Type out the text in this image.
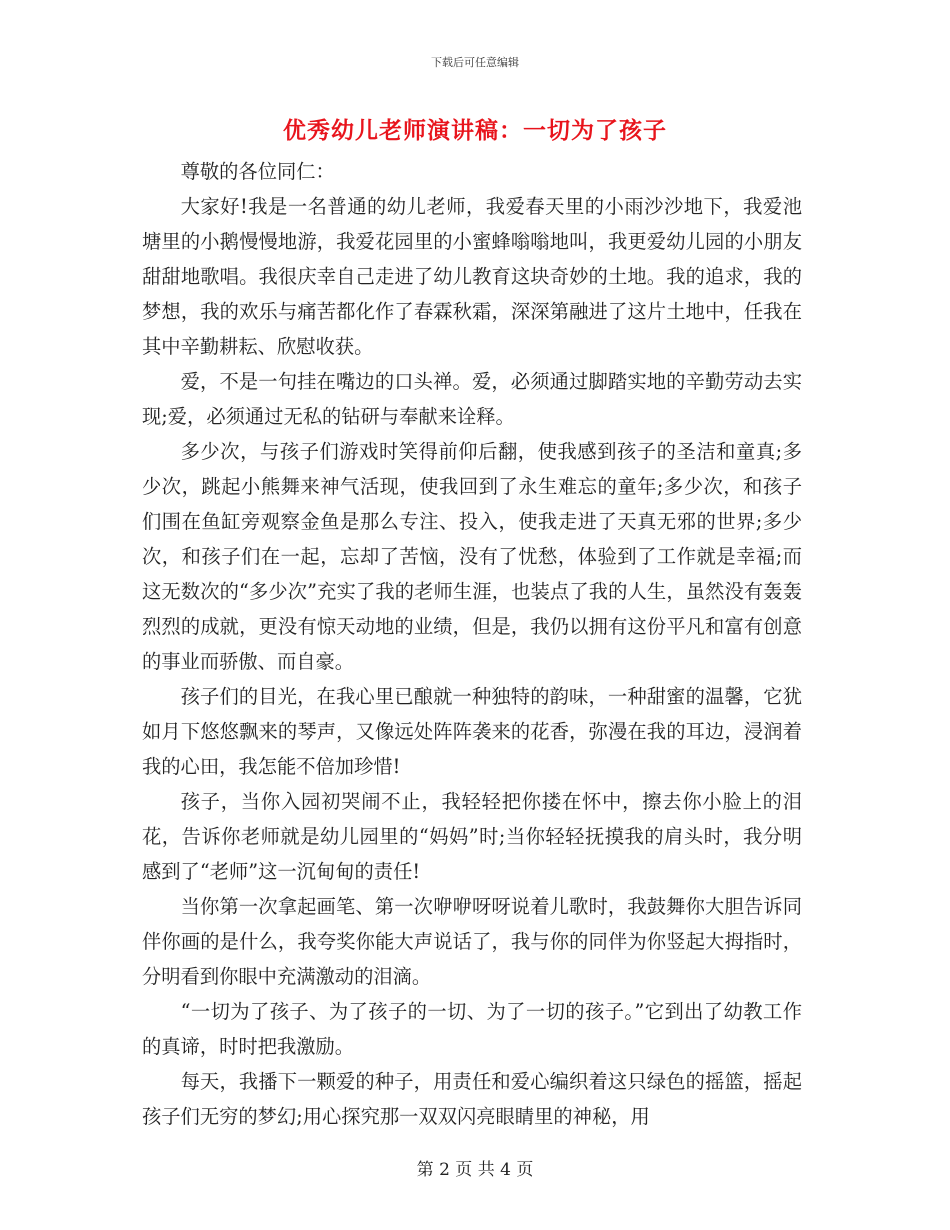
下载后可任意编辑
优秀幼儿老师演讲稿：一切为了孩子

尊敬的各位同仁：

大家好!我是一名普通的幼儿老师，我爱春天里的小雨沙沙地下，我爱池塘里的小鹅慢慢地游，我爱花园里的小蜜蜂嗡嗡地叫，我更爱幼儿园的小朋友甜甜地歌唱。我很庆幸自己走进了幼儿教育这块奇妙的土地。我的追求，我的梦想，我的欢乐与痛苦都化作了春霖秋霜，深深第融进了这片土地中，任我在其中辛勤耕耘、欣慰收获。

爱，不是一句挂在嘴边的口头禅。爱，必须通过脚踏实地的辛勤劳动去实现;爱，必须通过无私的钻研与奉献来诠释。

多少次，与孩子们游戏时笑得前仰后翻，使我感到孩子的圣洁和童真;多少次，跳起小熊舞来神气活现，使我回到了永生难忘的童年;多少次，和孩子们围在鱼缸旁观察金鱼是那么专注、投入，使我走进了天真无邪的世界;多少次，和孩子们在一起，忘却了苦恼，没有了忧愁，体验到了工作就是幸福;而这无数次的“多少次”充实了我的老师生涯，也装点了我的人生，虽然没有轰轰烈烈的成就，更没有惊天动地的业绩，但是，我仍以拥有这份平凡和富有创意的事业而骄傲、而自豪。

孩子们的目光，在我心里已酿就一种独特的韵味，一种甜蜜的温馨，它犹如月下悠悠飘来的琴声，又像远处阵阵袭来的花香，弥漫在我的耳边，浸润着我的心田，我怎能不倍加珍惜!

孩子，当你入园初哭闹不止，我轻轻把你搂在怀中，擦去你小脸上的泪花，告诉你老师就是幼儿园里的“妈妈”时;当你轻轻抚摸我的肩头时，我分明感到了“老师”这一沉甸甸的责任!

当你第一次拿起画笔、第一次咿咿呀呀说着儿歌时，我鼓舞你大胆告诉同伴你画的是什么，我夸奖你能大声说话了，我与你的同伴为你竖起大拇指时，分明看到你眼中充满激动的泪滴。

“一切为了孩子、为了孩子的一切、为了一切的孩子。”它到出了幼教工作的真谛，时时把我激励。

每天，我播下一颗爱的种子，用责任和爱心编织着这只绿色的摇篮，摇起孩子们无穷的梦幻;用心探究那一双双闪亮眼睛里的神秘，用

第 2 页 共 4 页
